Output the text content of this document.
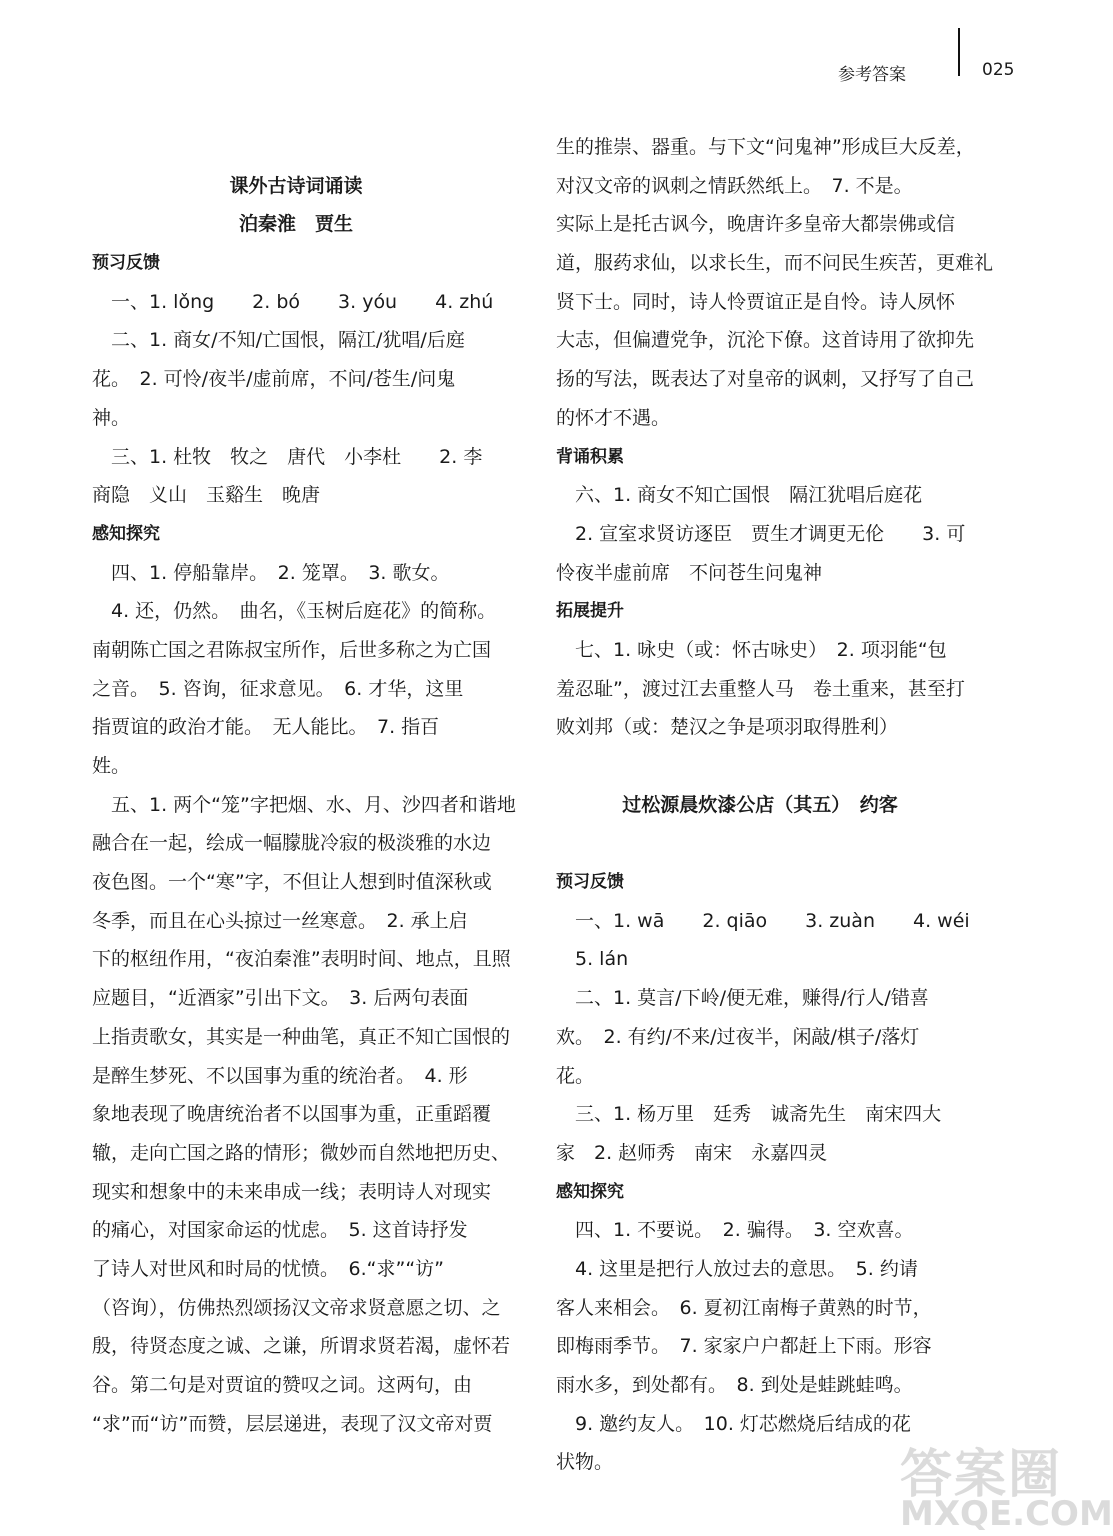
参考答案	025
课外古诗词诵读
泊秦淮　贾生
预习反馈
　一、1. lǒng　　2. bó　　3. yóu　　4. zhú
　二、1. 商女/不知/亡国恨，隔江/犹唱/后庭
花。　2. 可怜/夜半/虚前席，不问/苍生/问鬼
神。
　三、1. 杜牧　牧之　唐代　小李杜　　2. 李
商隐　义山　玉谿生　晚唐
感知探究
　四、1. 停船靠岸。　2. 笼罩。　3. 歌女。
　4. 还，仍然。　曲名，《玉树后庭花》的简称。
南朝陈亡国之君陈叔宝所作，后世多称之为亡国
之音。　5. 咨询，征求意见。　6. 才华，这里
指贾谊的政治才能。　无人能比。　7. 指百
姓。
　五、1. 两个“笼”字把烟、水、月、沙四者和谐地
融合在一起，绘成一幅朦胧冷寂的极淡雅的水边
夜色图。一个“寒”字，不但让人想到时值深秋或
冬季，而且在心头掠过一丝寒意。　2. 承上启
下的枢纽作用，“夜泊秦淮”表明时间、地点，且照
应题目，“近酒家”引出下文。　3. 后两句表面
上指责歌女，其实是一种曲笔，真正不知亡国恨的
是醉生梦死、不以国事为重的统治者。　4. 形
象地表现了晚唐统治者不以国事为重，正重蹈覆
辙，走向亡国之路的情形；微妙而自然地把历史、
现实和想象中的未来串成一线；表明诗人对现实
的痛心，对国家命运的忧虑。　5. 这首诗抒发
了诗人对世风和时局的忧愤。　6.“求”“访”
（咨询），仿佛热烈颂扬汉文帝求贤意愿之切、之
殷，待贤态度之诚、之谦，所谓求贤若渴，虚怀若
谷。第二句是对贾谊的赞叹之词。这两句，由
“求”而“访”而赞，层层递进，表现了汉文帝对贾
生的推崇、器重。与下文“问鬼神”形成巨大反差，
对汉文帝的讽刺之情跃然纸上。　7. 不是。
实际上是托古讽今，晚唐许多皇帝大都崇佛或信
道，服药求仙，以求长生，而不问民生疾苦，更难礼
贤下士。同时，诗人怜贾谊正是自怜。诗人夙怀
大志，但偏遭党争，沉沦下僚。这首诗用了欲抑先
扬的写法，既表达了对皇帝的讽刺，又抒写了自己
的怀才不遇。
背诵积累
　六、1. 商女不知亡国恨　隔江犹唱后庭花
　2. 宣室求贤访逐臣　贾生才调更无伦　　3. 可
怜夜半虚前席　不问苍生问鬼神
拓展提升
　七、1. 咏史（或：怀古咏史）　2. 项羽能“包
羞忍耻”，渡过江去重整人马　卷土重来，甚至打
败刘邦（或：楚汉之争是项羽取得胜利）
过松源晨炊漆公店（其五）　约客
预习反馈
　一、1. wā　　2. qiāo　　3. zuàn　　4. wéi
　5. lán
　二、1. 莫言/下岭/便无难，赚得/行人/错喜
欢。　2. 有约/不来/过夜半，闲敲/棋子/落灯
花。
　三、1. 杨万里　廷秀　诚斋先生　南宋四大
家　2. 赵师秀　南宋　永嘉四灵
感知探究
　四、1. 不要说。　2. 骗得。　3. 空欢喜。
　4. 这里是把行人放过去的意思。　5. 约请
客人来相会。　6. 夏初江南梅子黄熟的时节，
即梅雨季节。　7. 家家户户都赶上下雨。形容
雨水多，到处都有。　8. 到处是蛙跳蛙鸣。
　9. 邀约友人。　10. 灯芯燃烧后结成的花
状物。	答案圈
MXQE.COM
